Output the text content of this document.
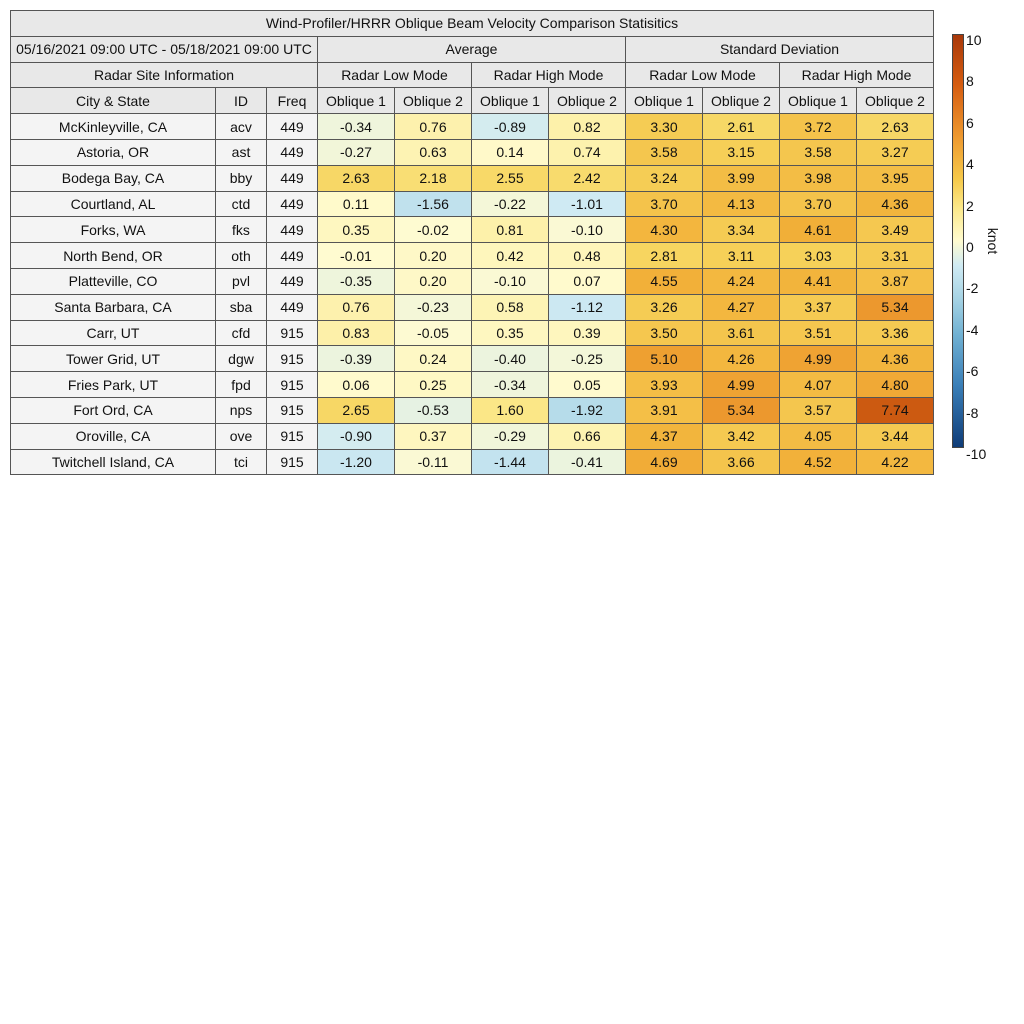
Wind-Profiler/HRRR Oblique Beam Velocity Comparison Statisitics										
05/16/2021 09:00 UTC - 05/18/2021 09:00 UTC			Average				Standard Deviation			
Radar Site Information			Radar Low Mode		Radar High Mode		Radar Low Mode		Radar High Mode	
City & State	ID	Freq	Oblique 1	Oblique 2	Oblique 1	Oblique 2	Oblique 1	Oblique 2	Oblique 1	Oblique 2
McKinleyville, CA	acv	449	-0.34	0.76	-0.89	0.82	3.30	2.61	3.72	2.63
Astoria, OR	ast	449	-0.27	0.63	0.14	0.74	3.58	3.15	3.58	3.27
Bodega Bay, CA	bby	449	2.63	2.18	2.55	2.42	3.24	3.99	3.98	3.95
Courtland, AL	ctd	449	0.11	-1.56	-0.22	-1.01	3.70	4.13	3.70	4.36
Forks, WA	fks	449	0.35	-0.02	0.81	-0.10	4.30	3.34	4.61	3.49
North Bend, OR	oth	449	-0.01	0.20	0.42	0.48	2.81	3.11	3.03	3.31
Platteville, CO	pvl	449	-0.35	0.20	-0.10	0.07	4.55	4.24	4.41	3.87
Santa Barbara, CA	sba	449	0.76	-0.23	0.58	-1.12	3.26	4.27	3.37	5.34
Carr, UT	cfd	915	0.83	-0.05	0.35	0.39	3.50	3.61	3.51	3.36
Tower Grid, UT	dgw	915	-0.39	0.24	-0.40	-0.25	5.10	4.26	4.99	4.36
Fries Park, UT	fpd	915	0.06	0.25	-0.34	0.05	3.93	4.99	4.07	4.80
Fort Ord, CA	nps	915	2.65	-0.53	1.60	-1.92	3.91	5.34	3.57	7.74
Oroville, CA	ove	915	-0.90	0.37	-0.29	0.66	4.37	3.42	4.05	3.44
Twitchell Island, CA	tci	915	-1.20	-0.11	-1.44	-0.41	4.69	3.66	4.52	4.22
10
8
6
4
2
0
-2
-4
-6
-8
-10
knot
